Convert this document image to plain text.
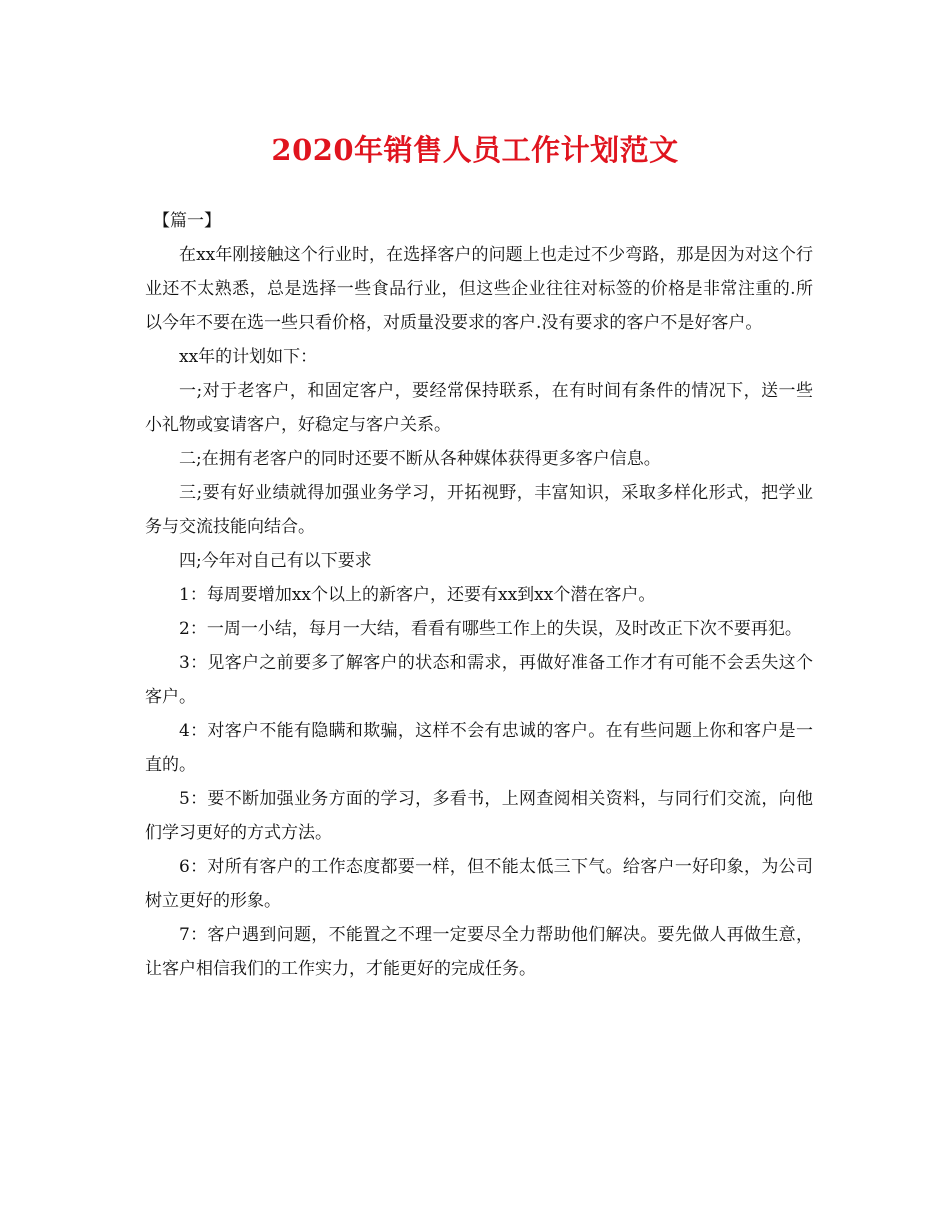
2020年销售人员工作计划范文

【篇一】

在xx年刚接触这个行业时，在选择客户的问题上也走过不少弯路，那是因为对这个行业还不太熟悉，总是选择一些食品行业，但这些企业往往对标签的价格是非常注重的.所以今年不要在选一些只看价格，对质量没要求的客户.没有要求的客户不是好客户。

xx年的计划如下：

一;对于老客户，和固定客户，要经常保持联系，在有时间有条件的情况下，送一些小礼物或宴请客户，好稳定与客户关系。

二;在拥有老客户的同时还要不断从各种媒体获得更多客户信息。

三;要有好业绩就得加强业务学习，开拓视野，丰富知识，采取多样化形式，把学业务与交流技能向结合。

四;今年对自己有以下要求

1：每周要增加xx个以上的新客户，还要有xx到xx个潜在客户。

2：一周一小结，每月一大结，看看有哪些工作上的失误，及时改正下次不要再犯。

3：见客户之前要多了解客户的状态和需求，再做好准备工作才有可能不会丢失这个客户。

4：对客户不能有隐瞒和欺骗，这样不会有忠诚的客户。在有些问题上你和客户是一直的。

5：要不断加强业务方面的学习，多看书，上网查阅相关资料，与同行们交流，向他们学习更好的方式方法。

6：对所有客户的工作态度都要一样，但不能太低三下气。给客户一好印象，为公司树立更好的形象。

7：客户遇到问题，不能置之不理一定要尽全力帮助他们解决。要先做人再做生意，让客户相信我们的工作实力，才能更好的完成任务。
